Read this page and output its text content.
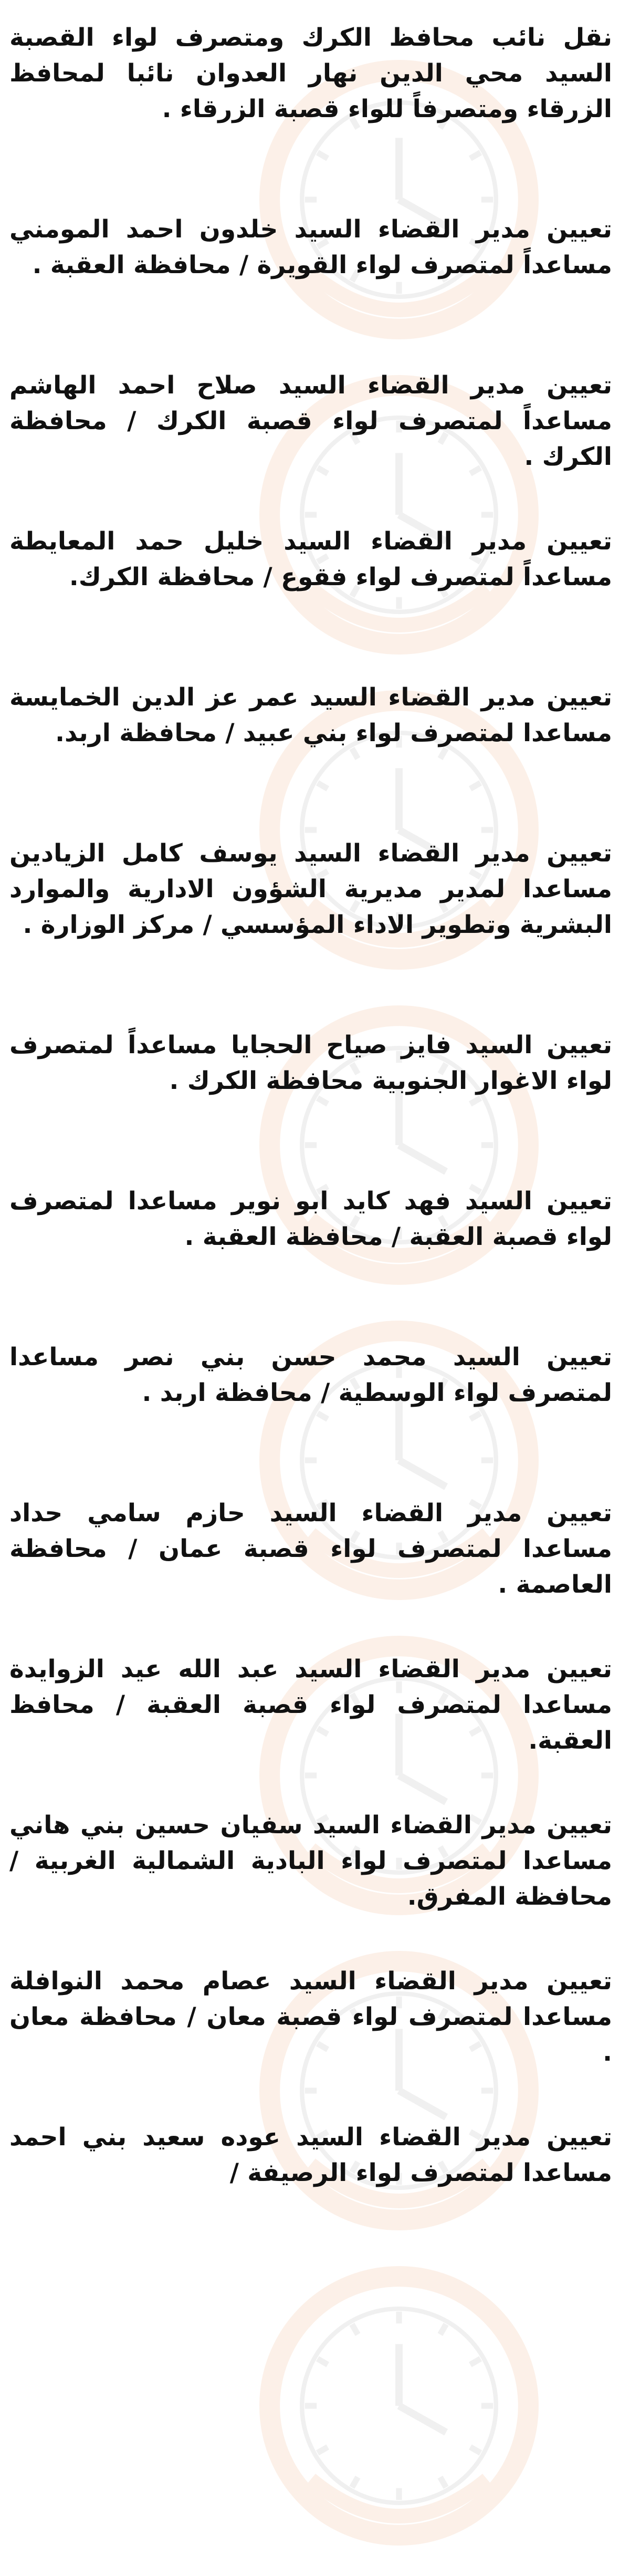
نقل نائب محافظ الكرك ومتصرف لواء القصبة السيد محي الدين نهار العدوان نائبا لمحافظ الزرقاء ومتصرفاً للواء قصبة الزرقاء .

تعيين مدير القضاء السيد خلدون احمد المومني مساعداً لمتصرف لواء القويرة / محافظة العقبة .

تعيين مدير القضاء السيد صلاح احمد الهاشم مساعداً لمتصرف لواء قصبة الكرك / محافظة الكرك .

تعيين مدير القضاء السيد خليل حمد المعايطة مساعداً لمتصرف لواء فقوع / محافظة الكرك.

تعيين مدير القضاء السيد عمر عز الدين الخمايسة مساعدا لمتصرف لواء بني عبيد / محافظة اربد.

تعيين مدير القضاء السيد يوسف كامل الزيادين مساعدا لمدير مديرية الشؤون الادارية والموارد البشرية وتطوير الاداء المؤسسي / مركز الوزارة .

تعيين السيد فايز صياح الحجايا مساعداً لمتصرف لواء الاغوار الجنوبية محافظة الكرك .

تعيين السيد فهد كايد ابو نوير مساعدا لمتصرف لواء قصبة العقبة / محافظة العقبة .

تعيين السيد محمد حسن بني نصر مساعدا لمتصرف لواء الوسطية / محافظة اربد .

تعيين مدير القضاء السيد حازم سامي حداد مساعدا لمتصرف لواء قصبة عمان / محافظة العاصمة .

تعيين مدير القضاء السيد عبد الله عيد الزوايدة مساعدا لمتصرف لواء قصبة العقبة / محافظ العقبة.

تعيين مدير القضاء السيد سفيان حسين بني هاني مساعدا لمتصرف لواء البادية الشمالية الغربية /محافظة المفرق.

تعيين مدير القضاء السيد عصام محمد النوافلة مساعدا لمتصرف لواء قصبة معان / محافظة معان .

تعيين مدير القضاء السيد عوده سعيد بني احمد مساعدا لمتصرف لواء الرصيفة /
